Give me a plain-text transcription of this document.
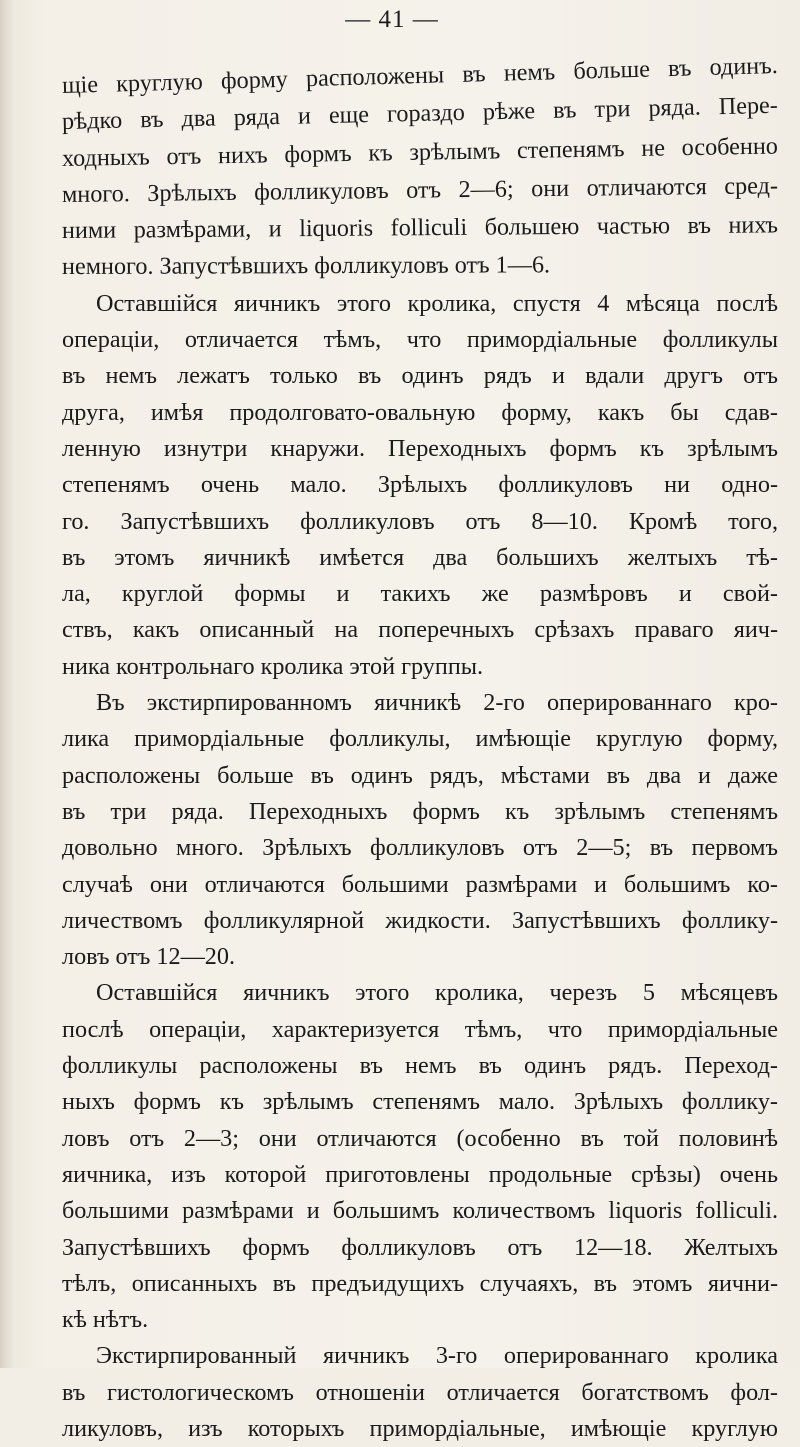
— 41 —
щіе круглую форму расположены въ немъ больше въ одинъ.
рѣдко въ два ряда и еще гораздо рѣже въ три ряда. Пере-
ходныхъ отъ нихъ формъ къ зрѣлымъ степенямъ не особенно
много. Зрѣлыхъ фолликуловъ отъ 2—6; они отличаются сред-
ними размѣрами, и liquoris folliculi большею частью въ нихъ
немного. Запустѣвшихъ фолликуловъ отъ 1—6.
Оставшійся яичникъ этого кролика, спустя 4 мѣсяца послѣ
операціи, отличается тѣмъ, что примордіальные фолликулы
въ немъ лежатъ только въ одинъ рядъ и вдали другъ отъ
друга, имѣя продолговато-овальную форму, какъ бы сдав-
ленную изнутри кнаружи. Переходныхъ формъ къ зрѣлымъ
степенямъ очень мало. Зрѣлыхъ фолликуловъ ни одно-
го. Запустѣвшихъ фолликуловъ отъ 8—10. Кромѣ того,
въ этомъ яичникѣ имѣется два большихъ желтыхъ тѣ-
ла, круглой формы и такихъ же размѣровъ и свой-
ствъ, какъ описанный на поперечныхъ срѣзахъ праваго яич-
ника контрольнаго кролика этой группы.
Въ экстирпированномъ яичникѣ 2-го оперированнаго кро-
лика примордіальные фолликулы, имѣющіе круглую форму,
расположены больше въ одинъ рядъ, мѣстами въ два и даже
въ три ряда. Переходныхъ формъ къ зрѣлымъ степенямъ
довольно много. Зрѣлыхъ фолликуловъ отъ 2—5; въ первомъ
случаѣ они отличаются большими размѣрами и большимъ ко-
личествомъ фолликулярной жидкости. Запустѣвшихъ фоллику-
ловъ отъ 12—20.
Оставшійся яичникъ этого кролика, черезъ 5 мѣсяцевъ
послѣ операціи, характеризуется тѣмъ, что примордіальные
фолликулы расположены въ немъ въ одинъ рядъ. Переход-
ныхъ формъ къ зрѣлымъ степенямъ мало. Зрѣлыхъ фоллику-
ловъ отъ 2—3; они отличаются (особенно въ той половинѣ
яичника, изъ которой приготовлены продольные срѣзы) очень
большими размѣрами и большимъ количествомъ liquoris folliculi.
Запустѣвшихъ формъ фолликуловъ отъ 12—18. Желтыхъ
тѣлъ, описанныхъ въ предъидущихъ случаяхъ, въ этомъ яични-
кѣ нѣтъ.
Экстирпированный яичникъ 3-го оперированнаго кролика
въ гистологическомъ отношеніи отличается богатствомъ фол-
ликуловъ, изъ которыхъ примордіальные, имѣющіе круглую
